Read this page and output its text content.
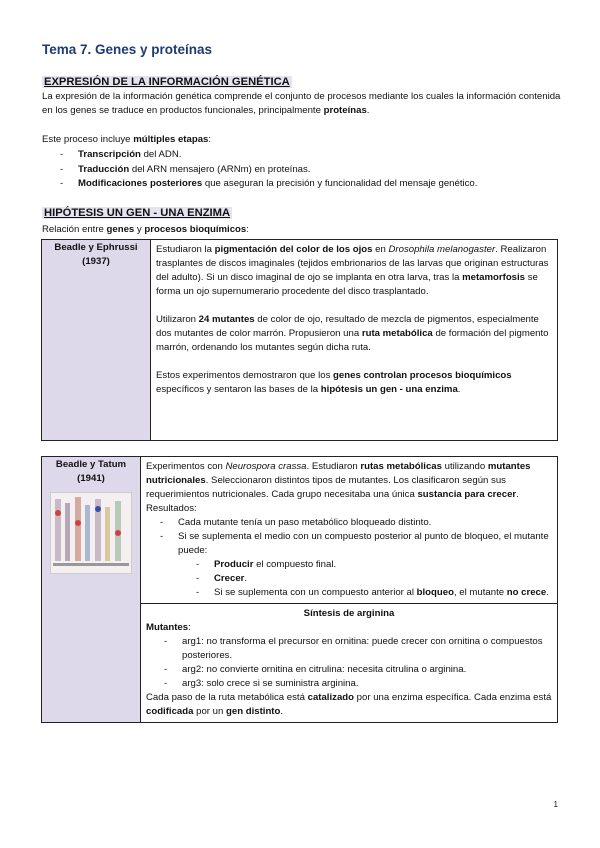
Tema 7. Genes y proteínas
EXPRESIÓN DE LA INFORMACIÓN GENÉTICA
La expresión de la información genética comprende el conjunto de procesos mediante los cuales la información contenida en los genes se traduce en productos funcionales, principalmente proteínas.
Este proceso incluye múltiples etapas:
- Transcripción del ADN.
- Traducción del ARN mensajero (ARNm) en proteínas.
- Modificaciones posteriores que aseguran la precisión y funcionalidad del mensaje genético.
HIPÓTESIS UN GEN - UNA ENZIMA
Relación entre genes y procesos bioquímicos:
Beadle y Ephrussi
(1937)

Estudiaron la pigmentación del color de los ojos en Drosophila melanogaster. Realizaron trasplantes de discos imaginales (tejidos embrionarios de las larvas que originan estructuras del adulto). Si un disco imaginal de ojo se implanta en otra larva, tras la metamorfosis se forma un ojo supernumerario procedente del disco trasplantado.
Utilizaron 24 mutantes de color de ojo, resultado de mezcla de pigmentos, especialmente dos mutantes de color marrón. Propusieron una ruta metabólica de formación del pigmento marrón, ordenando los mutantes según dicha ruta.
Estos experimentos demostraron que los genes controlan procesos bioquímicos específicos y sentaron las bases de la hipótesis un gen - una enzima.
Beadle y Tatum
(1941)

Experimentos con Neurospora crassa. Estudiaron rutas metabólicas utilizando mutantes nutricionales. Seleccionaron distintos tipos de mutantes. Los clasificaron según sus requerimientos nutricionales. Cada grupo necesitaba una única sustancia para crecer. Resultados:
- Cada mutante tenía un paso metabólico bloqueado distinto.
- Si se suplementa el medio con un compuesto posterior al punto de bloqueo, el mutante puede:
- Producir el compuesto final.
- Crecer.
- Si se suplementa con un compuesto anterior al bloqueo, el mutante no crece.

Síntesis de arginina
Mutantes:
- arg1: no transforma el precursor en ornitina: puede crecer con ornitina o compuestos posteriores.
- arg2: no convierte ornitina en citrulina: necesita citrulina o arginina.
- arg3: solo crece si se suministra arginina.
Cada paso de la ruta metabólica está catalizado por una enzima específica. Cada enzima está codificada por un gen distinto.
1
